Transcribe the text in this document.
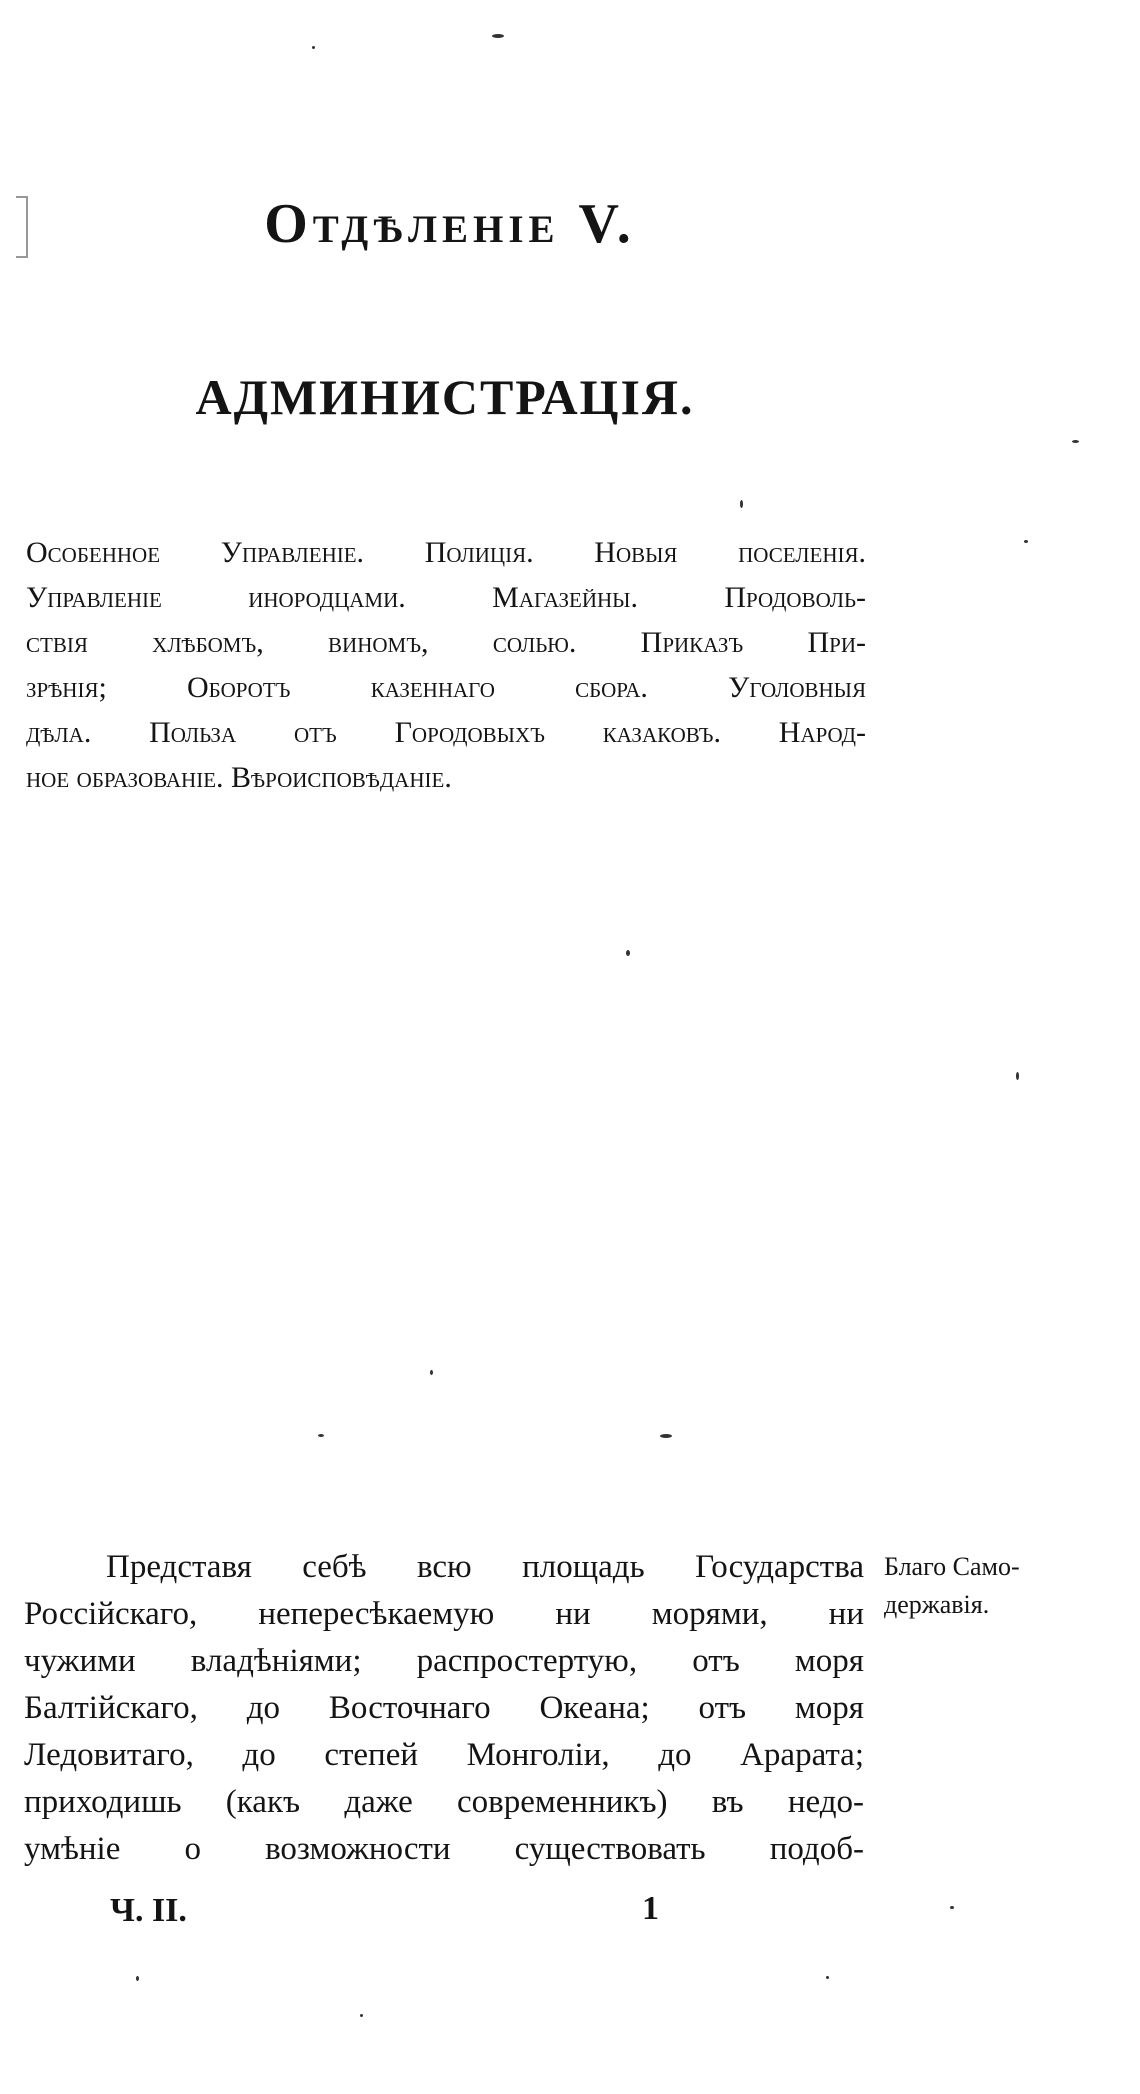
Отдѣленіе V.
АДМИНИСТРАЦІЯ.
Особенное Управленіе. Полиція. Новыя поселенія.
Управленіе инородцами. Магазейны. Продоволь-
ствія хлѣбомъ, виномъ, солью. Приказъ При-
зрѣнія; Оборотъ казеннаго сбора. Уголовныя
дѣла. Польза отъ Городовыхъ казаковъ. Народ-
ное образованіе. Вѣроисповѣданіе.
Представя себѣ всю площадь Государства
Россійскаго, непересѣкаемую ни морями, ни
чужими владѣніями; распростертую, отъ моря
Балтійскаго, до Восточнаго Океана; отъ моря
Ледовитаго, до степей Монголіи, до Арарата;
приходишь (какъ даже современникъ) въ недо-
умѣніе о возможности существовать подоб-
Благо Само-
державія.
Ч. II.	1
